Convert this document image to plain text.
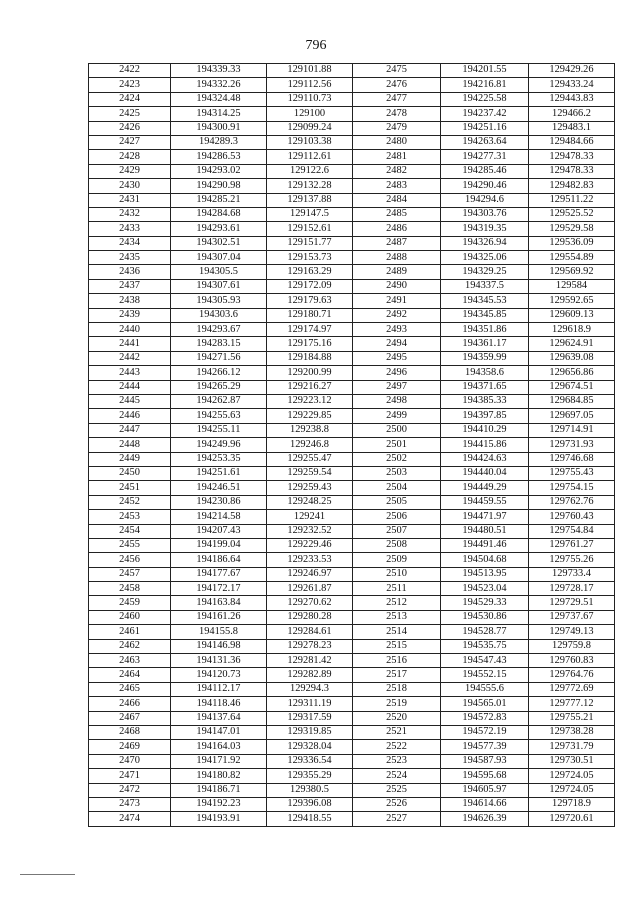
796
2422	194339.33	129101.88	2475	194201.55	129429.26
2423	194332.26	129112.56	2476	194216.81	129433.24
2424	194324.48	129110.73	2477	194225.58	129443.83
2425	194314.25	129100	2478	194237.42	129466.2
2426	194300.91	129099.24	2479	194251.16	129483.1
2427	194289.3	129103.38	2480	194263.64	129484.66
2428	194286.53	129112.61	2481	194277.31	129478.33
2429	194293.02	129122.6	2482	194285.46	129478.33
2430	194290.98	129132.28	2483	194290.46	129482.83
2431	194285.21	129137.88	2484	194294.6	129511.22
2432	194284.68	129147.5	2485	194303.76	129525.52
2433	194293.61	129152.61	2486	194319.35	129529.58
2434	194302.51	129151.77	2487	194326.94	129536.09
2435	194307.04	129153.73	2488	194325.06	129554.89
2436	194305.5	129163.29	2489	194329.25	129569.92
2437	194307.61	129172.09	2490	194337.5	129584
2438	194305.93	129179.63	2491	194345.53	129592.65
2439	194303.6	129180.71	2492	194345.85	129609.13
2440	194293.67	129174.97	2493	194351.86	129618.9
2441	194283.15	129175.16	2494	194361.17	129624.91
2442	194271.56	129184.88	2495	194359.99	129639.08
2443	194266.12	129200.99	2496	194358.6	129656.86
2444	194265.29	129216.27	2497	194371.65	129674.51
2445	194262.87	129223.12	2498	194385.33	129684.85
2446	194255.63	129229.85	2499	194397.85	129697.05
2447	194255.11	129238.8	2500	194410.29	129714.91
2448	194249.96	129246.8	2501	194415.86	129731.93
2449	194253.35	129255.47	2502	194424.63	129746.68
2450	194251.61	129259.54	2503	194440.04	129755.43
2451	194246.51	129259.43	2504	194449.29	129754.15
2452	194230.86	129248.25	2505	194459.55	129762.76
2453	194214.58	129241	2506	194471.97	129760.43
2454	194207.43	129232.52	2507	194480.51	129754.84
2455	194199.04	129229.46	2508	194491.46	129761.27
2456	194186.64	129233.53	2509	194504.68	129755.26
2457	194177.67	129246.97	2510	194513.95	129733.4
2458	194172.17	129261.87	2511	194523.04	129728.17
2459	194163.84	129270.62	2512	194529.33	129729.51
2460	194161.26	129280.28	2513	194530.86	129737.67
2461	194155.8	129284.61	2514	194528.77	129749.13
2462	194146.98	129278.23	2515	194535.75	129759.8
2463	194131.36	129281.42	2516	194547.43	129760.83
2464	194120.73	129282.89	2517	194552.15	129764.76
2465	194112.17	129294.3	2518	194555.6	129772.69
2466	194118.46	129311.19	2519	194565.01	129777.12
2467	194137.64	129317.59	2520	194572.83	129755.21
2468	194147.01	129319.85	2521	194572.19	129738.28
2469	194164.03	129328.04	2522	194577.39	129731.79
2470	194171.92	129336.54	2523	194587.93	129730.51
2471	194180.82	129355.29	2524	194595.68	129724.05
2472	194186.71	129380.5	2525	194605.97	129724.05
2473	194192.23	129396.08	2526	194614.66	129718.9
2474	194193.91	129418.55	2527	194626.39	129720.61
